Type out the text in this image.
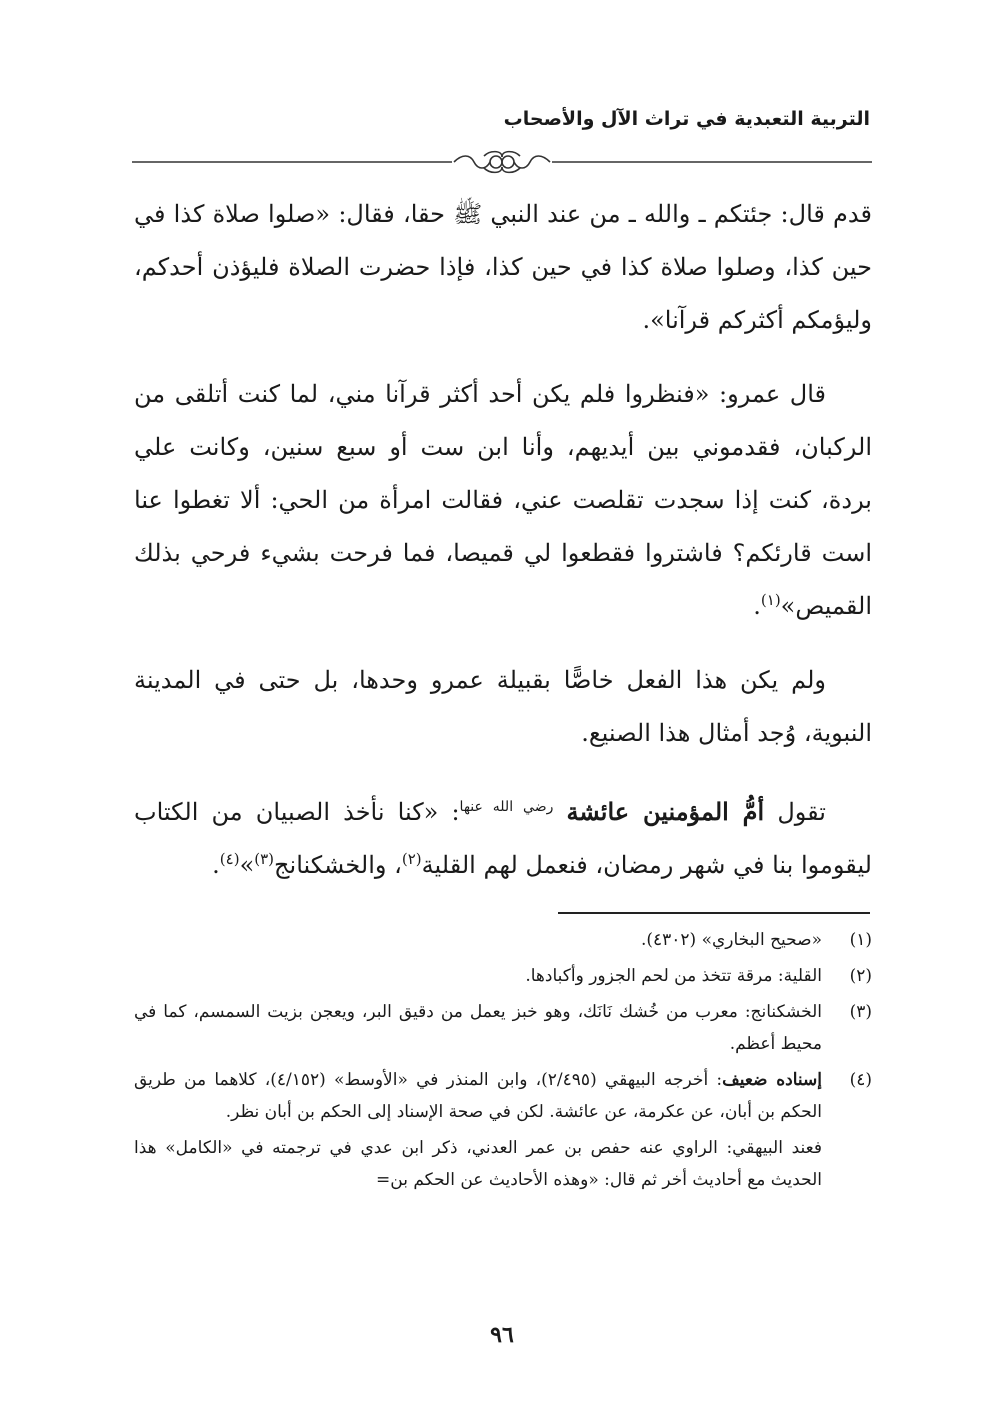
التربية التعبدية في تراث الآل والأصحاب

قدم قال: جئتكم ـ والله ـ من عند النبي ﷺ حقا، فقال: «صلوا صلاة كذا في حين كذا، وصلوا صلاة كذا في حين كذا، فإذا حضرت الصلاة فليؤذن أحدكم، وليؤمكم أكثركم قرآنا».

قال عمرو: «فنظروا فلم يكن أحد أكثر قرآنا مني، لما كنت أتلقى من الركبان، فقدموني بين أيديهم، وأنا ابن ست أو سبع سنين، وكانت علي بردة، كنت إذا سجدت تقلصت عني، فقالت امرأة من الحي: ألا تغطوا عنا است قارئكم؟ فاشتروا فقطعوا لي قميصا، فما فرحت بشيء فرحي بذلك القميص»$^{(١)}$.

ولم يكن هذا الفعل خاصًّا بقبيلة عمرو وحدها، بل حتى في المدينة النبوية، وُجد أمثال هذا الصنيع.

تقول أمُّ المؤمنين عائشة $^{رضي الله عنها}$: «كنا نأخذ الصبيان من الكتاب ليقوموا بنا في شهر رمضان، فنعمل لهم القلية$^{(٢)}$، والخشكنانج$^{(٣)}$»$^{(٤)}$.

(١)
«صحيح البخاري» (٤٣٠٢).
(٢)
القلية: مرقة تتخذ من لحم الجزور وأكبادها.
(٣)
الخشكنانج: معرب من خُشك نَانَك، وهو خبز يعمل من دقيق البر، ويعجن بزيت السمسم، كما في محيط أعظم.
(٤)
إسناده ضعيف: أخرجه البيهقي (٢/٤٩٥)، وابن المنذر في «الأوسط» (٤/١٥٢)، كلاهما من طريق الحكم بن أبان، عن عكرمة، عن عائشة. لكن في صحة الإسناد إلى الحكم بن أبان نظر.
فعند البيهقي: الراوي عنه حفص بن عمر العدني، ذكر ابن عدي في ترجمته في «الكامل» هذا الحديث مع أحاديث أخر ثم قال: «وهذه الأحاديث عن الحكم بن=
٩٦
